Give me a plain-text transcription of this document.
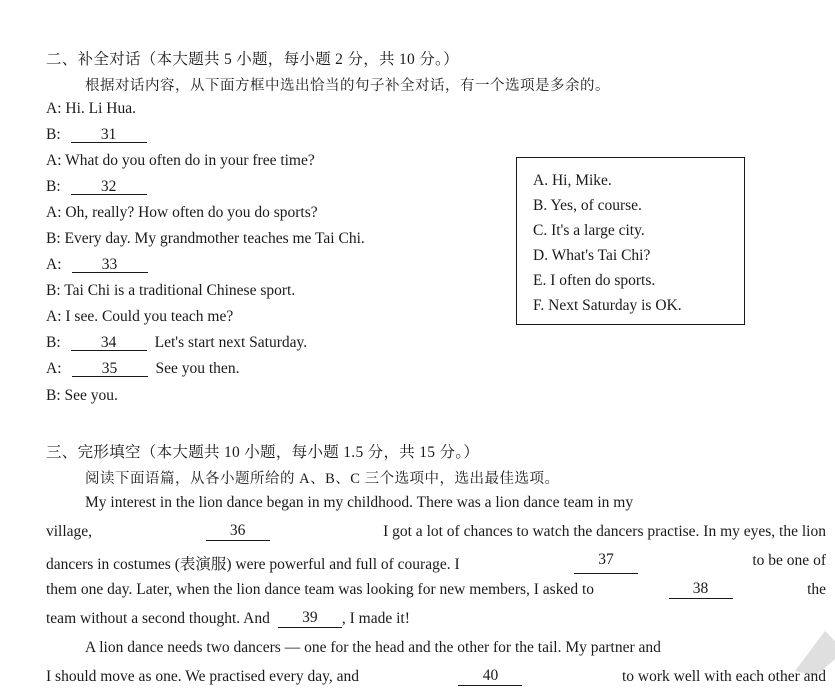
二、补全对话（本大题共 5 小题，每小题 2 分，共 10 分。）
根据对话内容，从下面方框中选出恰当的句子补全对话，有一个选项是多余的。
A: Hi. Li Hua.
B:	31
A: What do you often do in your free time?
B:	32
A: Oh, really? How often do you do sports?
B: Every day. My grandmother teaches me Tai Chi.
A:	33
B: Tai Chi is a traditional Chinese sport.
A: I see. Could you teach me?
B:	34 Let's start next Saturday.
A:	35 See you then.
B: See you.
A. Hi, Mike.
B. Yes, of course.
C. It's a large city.
D. What's Tai Chi?
E. I often do sports.
F. Next Saturday is OK.
三、完形填空（本大题共 10 小题，每小题 1.5 分，共 15 分。）
阅读下面语篇，从各小题所给的 A、B、C 三个选项中，选出最佳选项。
My interest in the lion dance began in my childhood. There was a lion dance team in my
village,	36	I got a lot of chances to watch the dancers practise. In my eyes, the lion
dancers in costumes (表演服) were powerful and full of courage. I	37	to be one of
them one day. Later, when the lion dance team was looking for new members, I asked to	38	the
team without a second thought. And	39	, I made it!
A lion dance needs two dancers — one for the head and the other for the tail. My partner and
I should move as one. We practised every day, and	40	to work well with each other and
